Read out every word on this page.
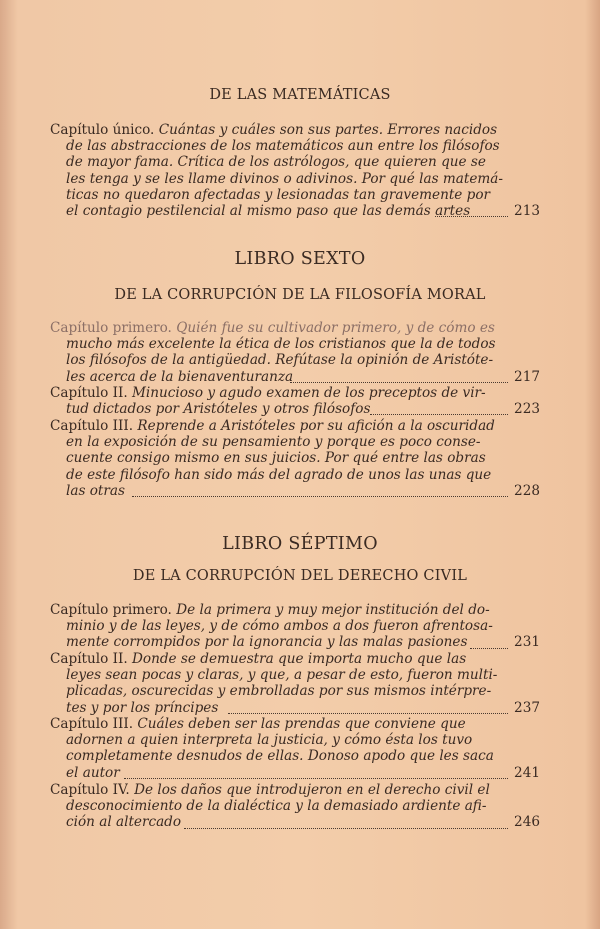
DE LAS MATEMÁTICAS
Capítulo único. Cuántas y cuáles son sus partes. Errores nacidos
de las abstracciones de los matemáticos aun entre los filósofos
de mayor fama. Crítica de los astrólogos, que quieren que se
les tenga y se les llame divinos o adivinos. Por qué las matemá-
ticas no quedaron afectadas y lesionadas tan gravemente por
el contagio pestilencial al mismo paso que las demás artes	213
LIBRO SEXTO
DE LA CORRUPCIÓN DE LA FILOSOFÍA MORAL
Capítulo primero. Quién fue su cultivador primero, y de cómo es
mucho más excelente la ética de los cristianos que la de todos
los filósofos de la antigüedad. Refútase la opinión de Aristóte-
les acerca de la bienaventuranza	217
Capítulo II. Minucioso y agudo examen de los preceptos de vir-
tud dictados por Aristóteles y otros filósofos	223
Capítulo III. Reprende a Aristóteles por su afición a la oscuridad
en la exposición de su pensamiento y porque es poco conse-
cuente consigo mismo en sus juicios. Por qué entre las obras
de este filósofo han sido más del agrado de unos las unas que
las otras	228
LIBRO SÉPTIMO
DE LA CORRUPCIÓN DEL DERECHO CIVIL
Capítulo primero. De la primera y muy mejor institución del do-
minio y de las leyes, y de cómo ambos a dos fueron afrentosa-
mente corrompidos por la ignorancia y las malas pasiones	231
Capítulo II. Donde se demuestra que importa mucho que las
leyes sean pocas y claras, y que, a pesar de esto, fueron multi-
plicadas, oscurecidas y embrolladas por sus mismos intérpre-
tes y por los príncipes	237
Capítulo III. Cuáles deben ser las prendas que conviene que
adornen a quien interpreta la justicia, y cómo ésta los tuvo
completamente desnudos de ellas. Donoso apodo que les saca
el autor	241
Capítulo IV. De los daños que introdujeron en el derecho civil el
desconocimiento de la dialéctica y la demasiado ardiente afi-
ción al altercado	246
